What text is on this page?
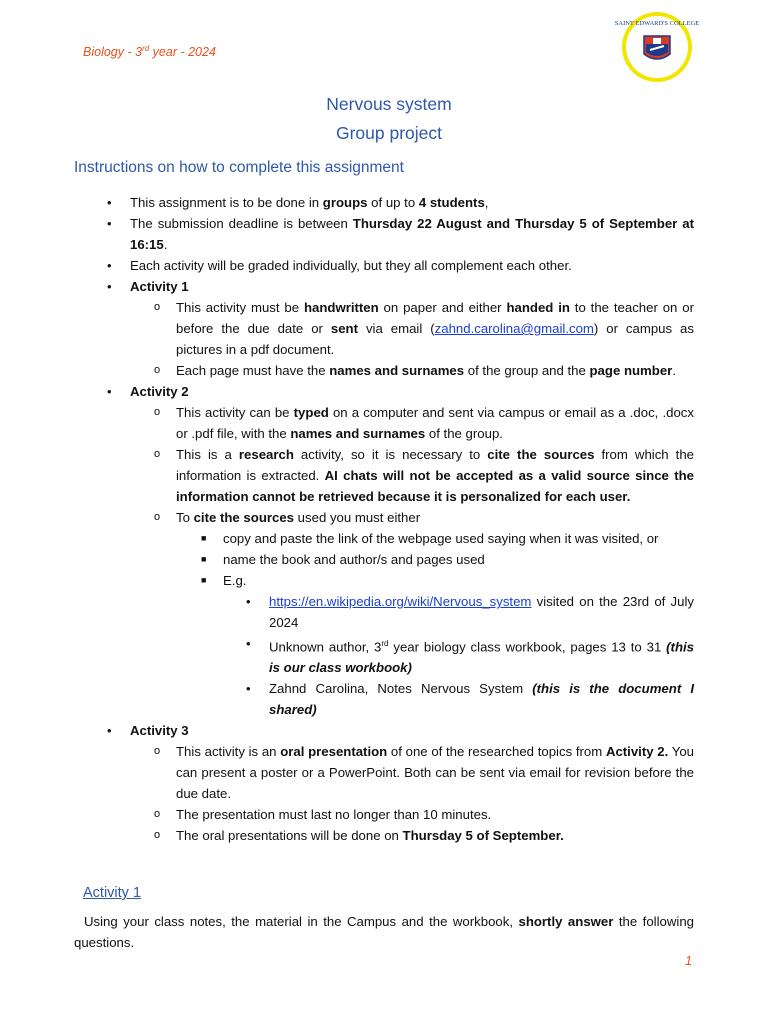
Biology - 3rd year - 2024
SAINT EDWARD'S COLLEGE
Nervous system
Group project
Instructions on how to complete this assignment
• This assignment is to be done in groups of up to 4 students,
• The submission deadline is between Thursday 22 August and Thursday 5 of September at 16:15.
• Each activity will be graded individually, but they all complement each other.
• Activity 1
o This activity must be handwritten on paper and either handed in to the teacher on or before the due date or sent via email (zahnd.carolina@gmail.com) or campus as pictures in a pdf document.
o Each page must have the names and surnames of the group and the page number.
• Activity 2
o This activity can be typed on a computer and sent via campus or email as a .doc, .docx or .pdf file, with the names and surnames of the group.
o This is a research activity, so it is necessary to cite the sources from which the information is extracted. AI chats will not be accepted as a valid source since the information cannot be retrieved because it is personalized for each user.
o To cite the sources used you must either
■ copy and paste the link of the webpage used saying when it was visited, or
■ name the book and author/s and pages used
■ E.g.
• https://en.wikipedia.org/wiki/Nervous_system visited on the 23rd of July 2024
• Unknown author, 3rd year biology class workbook, pages 13 to 31 (this is our class workbook)
• Zahnd Carolina, Notes Nervous System (this is the document I shared)
• Activity 3
o This activity is an oral presentation of one of the researched topics from Activity 2. You can present a poster or a PowerPoint. Both can be sent via email for revision before the due date.
o The presentation must last no longer than 10 minutes.
o The oral presentations will be done on Thursday 5 of September.
Activity 1
Using your class notes, the material in the Campus and the workbook, shortly answer the following questions.
1
